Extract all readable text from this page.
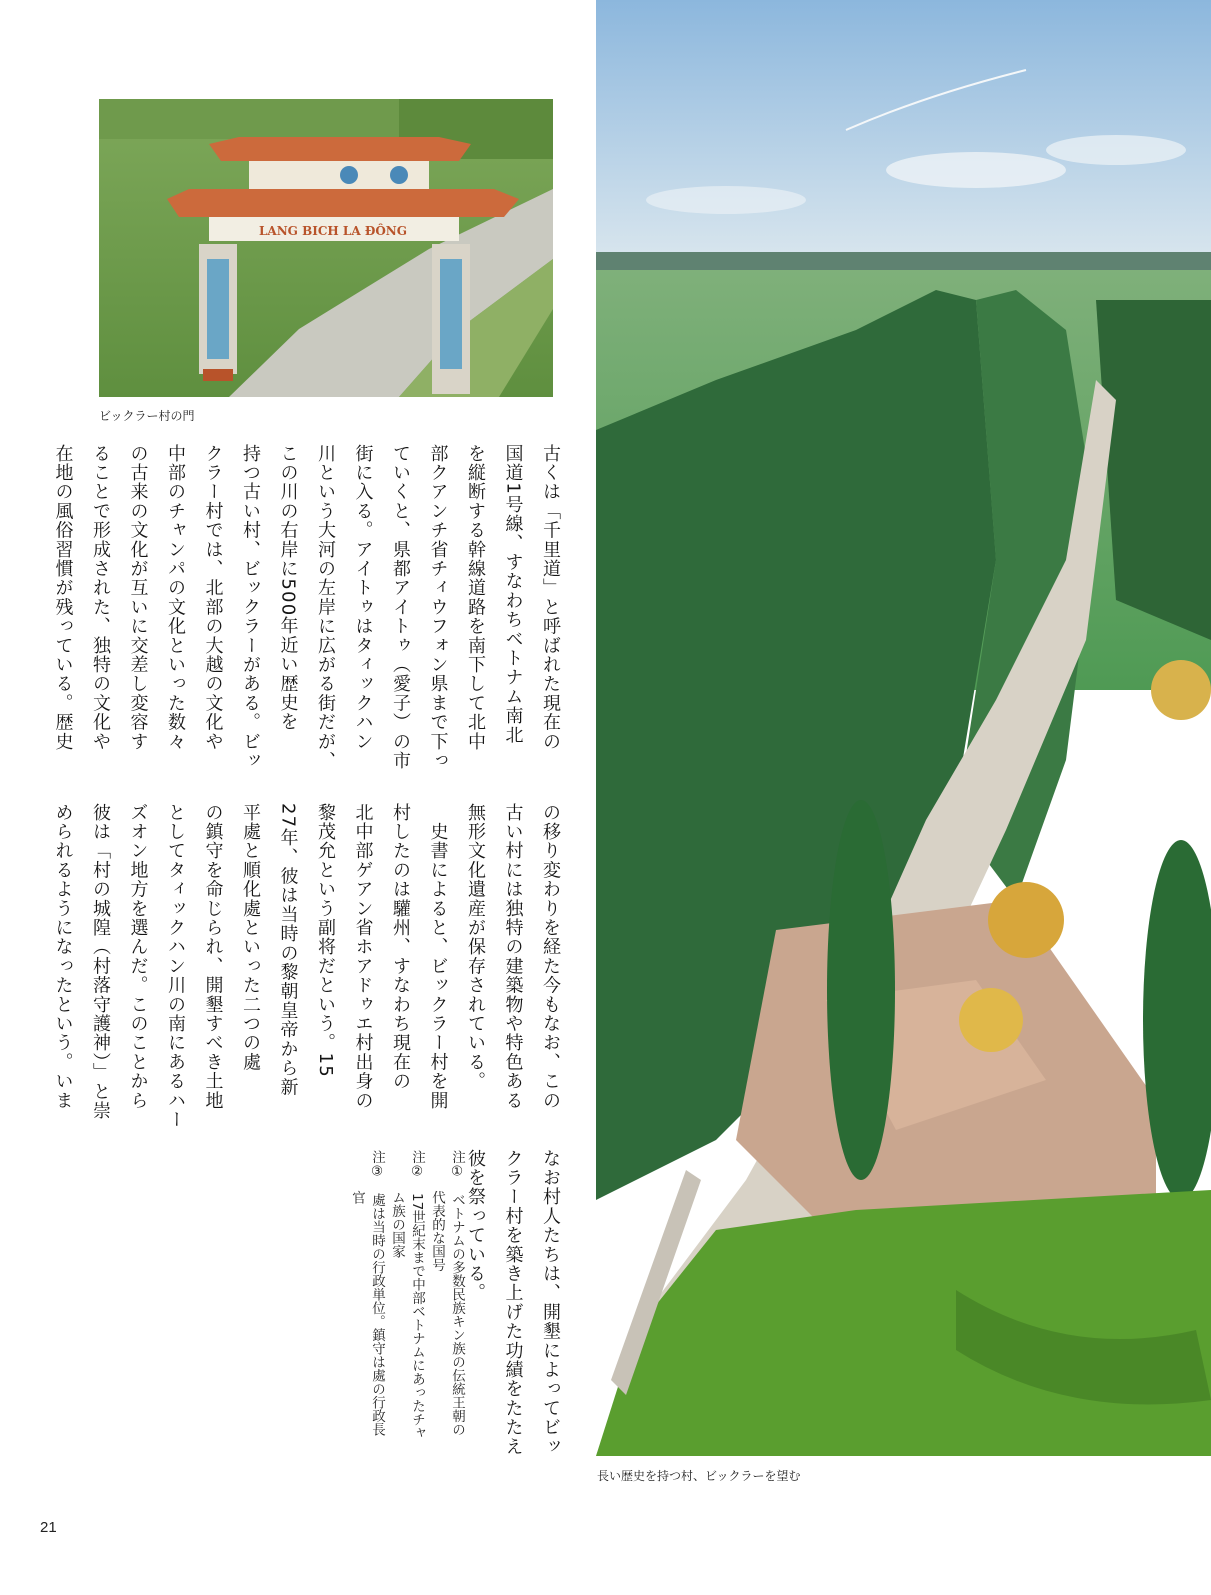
LANG BICH LA ĐÔNG
ビックラー村の門
長い歴史を持つ村、ビックラーを望む
古くは「千里道」と呼ばれた現在の
国道1号線、すなわちベトナム南北
を縦断する幹線道路を南下して北中
部クアンチ省チィウフォン県まで下っ
ていくと、県都アイトゥ（愛子）の市
街に入る。アイトゥはタィックハン
川という大河の左岸に広がる街だが、
この川の右岸に500年近い歴史を
持つ古い村、ビックラーがある。ビッ
クラー村では、北部の大越の文化や
中部のチャンパの文化といった数々
の古来の文化が互いに交差し変容す
ることで形成された、独特の文化や
在地の風俗習慣が残っている。歴史
の移り変わりを経た今もなお、この
古い村には独特の建築物や特色ある
無形文化遺産が保存されている。
　史書によると、ビックラー村を開
村したのは驩州、すなわち現在の
北中部ゲアン省ホアドゥエ村出身の
黎茂允という副将だという。15
27年、彼は当時の黎朝皇帝から新
平處と順化處といった二つの處
の鎮守を命じられ、開墾すべき土地
としてタィックハン川の南にあるハー
ズオン地方を選んだ。このことから
彼は「村の城隍（村落守護神）」と崇
められるようになったという。いま
なお村人たちは、開墾によってビッ
クラー村を築き上げた功績をたたえ
彼を祭っている。
注①　ベトナムの多数民族キン族の伝統王朝の
　　　代表的な国号
注②　17世紀末まで中部ベトナムにあったチャ
　　　ム族の国家
注③　處は当時の行政単位。鎮守は處の行政長
　　　官
21
